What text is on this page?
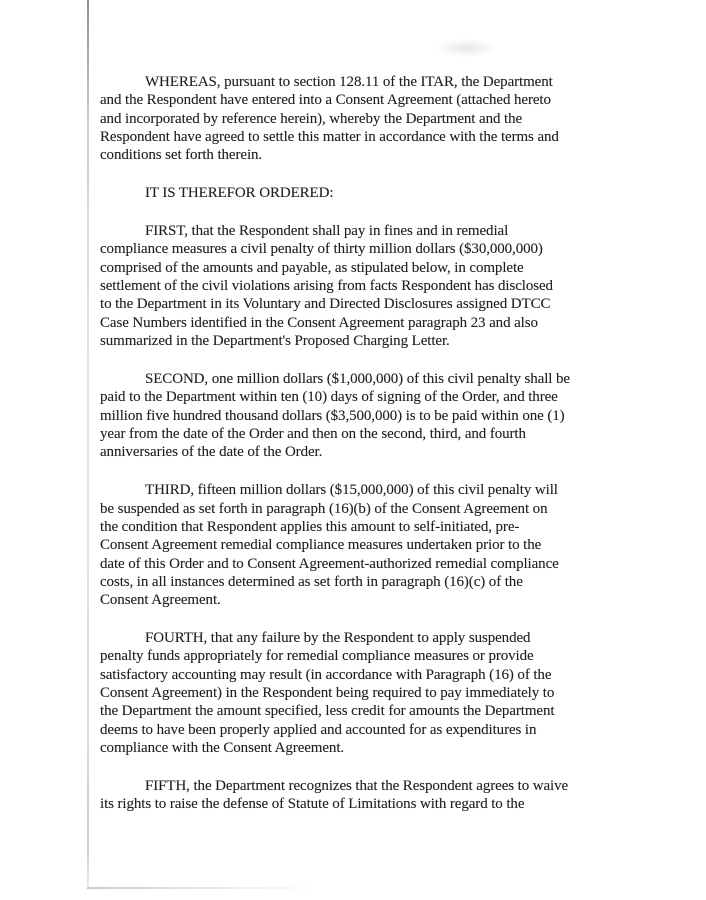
WHEREAS, pursuant to section 128.11 of the ITAR, the Department
and the Respondent have entered into a Consent Agreement (attached hereto
and incorporated by reference herein), whereby the Department and the
Respondent have agreed to settle this matter in accordance with the terms and
conditions set forth therein.
IT IS THEREFOR ORDERED:
FIRST, that the Respondent shall pay in fines and in remedial
compliance measures a civil penalty of thirty million dollars ($30,000,000)
comprised of the amounts and payable, as stipulated below, in complete
settlement of the civil violations arising from facts Respondent has disclosed
to the Department in its Voluntary and Directed Disclosures assigned DTCC
Case Numbers identified in the Consent Agreement paragraph 23 and also
summarized in the Department's Proposed Charging Letter.
SECOND, one million dollars ($1,000,000) of this civil penalty shall be
paid to the Department within ten (10) days of signing of the Order, and three
million five hundred thousand dollars ($3,500,000) is to be paid within one (1)
year from the date of the Order and then on the second, third, and fourth
anniversaries of the date of the Order.
THIRD, fifteen million dollars ($15,000,000) of this civil penalty will
be suspended as set forth in paragraph (16)(b) of the Consent Agreement on
the condition that Respondent applies this amount to self-initiated, pre-
Consent Agreement remedial compliance measures undertaken prior to the
date of this Order and to Consent Agreement-authorized remedial compliance
costs, in all instances determined as set forth in paragraph (16)(c) of the
Consent Agreement.
FOURTH, that any failure by the Respondent to apply suspended
penalty funds appropriately for remedial compliance measures or provide
satisfactory accounting may result (in accordance with Paragraph (16) of the
Consent Agreement) in the Respondent being required to pay immediately to
the Department the amount specified, less credit for amounts the Department
deems to have been properly applied and accounted for as expenditures in
compliance with the Consent Agreement.
FIFTH, the Department recognizes that the Respondent agrees to waive
its rights to raise the defense of Statute of Limitations with regard to the
